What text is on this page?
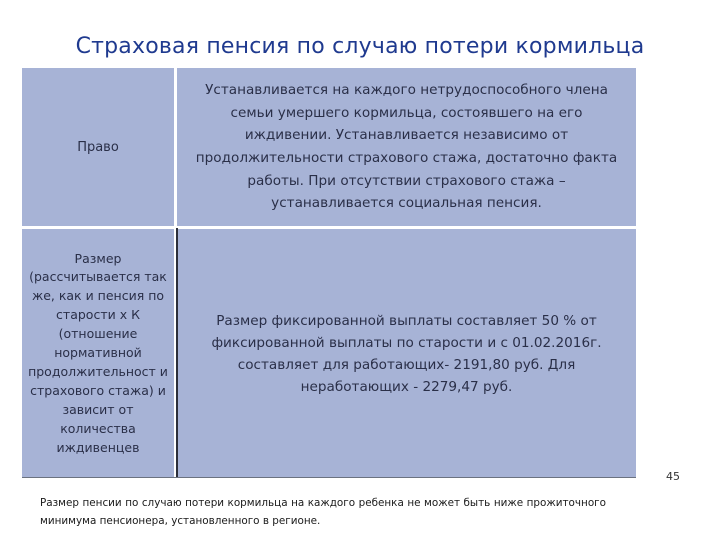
Страховая пенсия по случаю потери кормильца
Право
Устанавливается на каждого нетрудоспособного члена семьи умершего кормильца, состоявшего на его иждивении. Устанавливается независимо от продолжительности страхового стажа, достаточно факта работы. При отсутствии страхового стажа – устанавливается социальная пенсия.
Размер (рассчитывается так же, как и пенсия по старости х К (отношение нормативной продолжительност и страхового стажа) и зависит от количества иждивенцев
Размер фиксированной выплаты составляет 50 % от фиксированной выплаты по старости и с 01.02.2016г. составляет для работающих- 2191,80 руб. Для неработающих - 2279,47 руб.
45
Размер пенсии по случаю потери кормильца на каждого ребенка не может быть ниже прожиточного минимума пенсионера, установленного в регионе.
